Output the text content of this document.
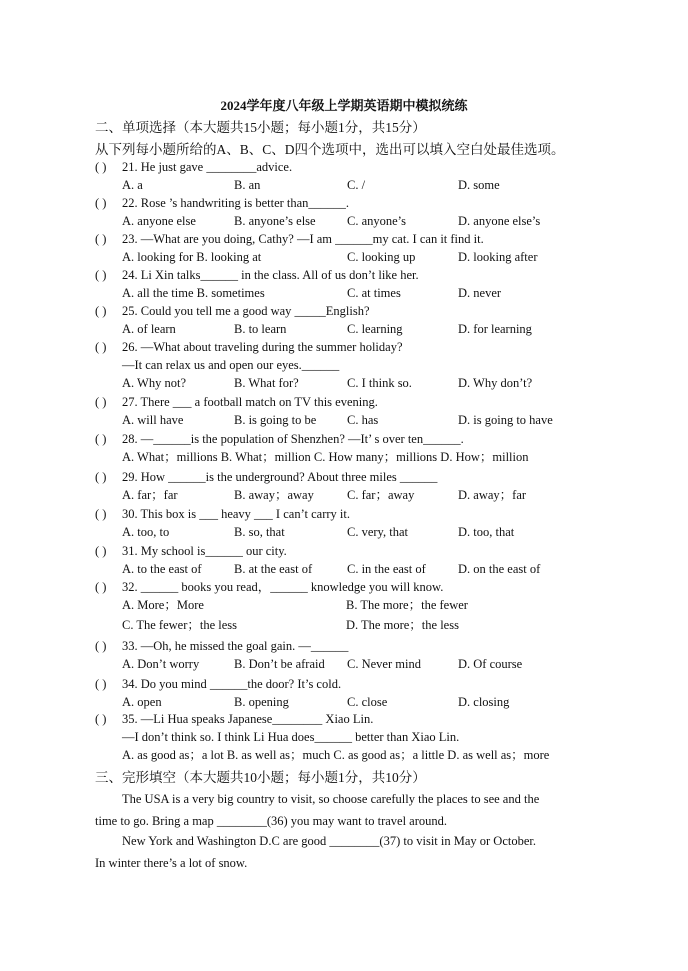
2024学年度八年级上学期英语期中模拟统练
二、单项选择（本大题共15小题；每小题1分，共15分）
从下列每小题所给的A、B、C、D四个选项中，选出可以填入空白处最佳选项。
( ) 21. He just gave ________advice.
A. a	B. an	C. /	D. some
( ) 22. Rose ’s handwriting is better than______.
A. anyone else	B. anyone’s else	C. anyone’s	D. anyone else’s
( ) 23. —What are you doing, Cathy? —I am ______my cat. I can it find it.
A. looking for B. looking at	C. looking up	D. looking after
( ) 24. Li Xin talks______ in the class. All of us don’t like her.
A. all the time B. sometimes	C. at times	D. never
( ) 25. Could you tell me a good way _____English?
A. of learn	B. to learn	C. learning	D. for learning
( ) 26. —What about traveling during the summer holiday?
—It can relax us and open our eyes.______
A. Why not?	B. What for?	C. I think so.	D. Why don’t?
( ) 27. There ___ a football match on TV this evening.
A. will have	B. is going to be C. has	D. is going to have
( ) 28. —______is the population of Shenzhen? —It’ s over ten______.
A. What；millions B. What；million C. How many；millions D. How；million
( ) 29. How ______is the underground? About three miles ______
A. far；far	B. away；away	C. far；away	D. away；far
( ) 30. This box is ___ heavy ___ I can’t carry it.
A. too, to	B. so, that	C. very, that	D. too, that
( ) 31. My school is______ our city.
A. to the east of	B. at the east of	C. in the east of	D. on the east of
( ) 32. ______ books you read，______ knowledge you will know.
A. More；More	B. The more；the fewer
C. The fewer；the less	D. The more；the less
( ) 33. —Oh, he missed the goal gain. —______
A. Don’t worry	B. Don’t be afraid C. Never mind	D. Of course
( ) 34. Do you mind ______the door? It’s cold.
A. open	B. opening	C. close	D. closing
( ) 35. —Li Hua speaks Japanese________ Xiao Lin.
—I don’t think so. I think Li Hua does______ better than Xiao Lin.
A. as good as；a lot B. as well as；much C. as good as；a little D. as well as；more
三、完形填空（本大题共10小题；每小题1分，共10分）
The USA is a very big country to visit, so choose carefully the places to see and the
time to go. Bring a map ________(36) you may want to travel around.
New York and Washington D.C are good ________(37) to visit in May or October.
In winter there’s a lot of snow.
